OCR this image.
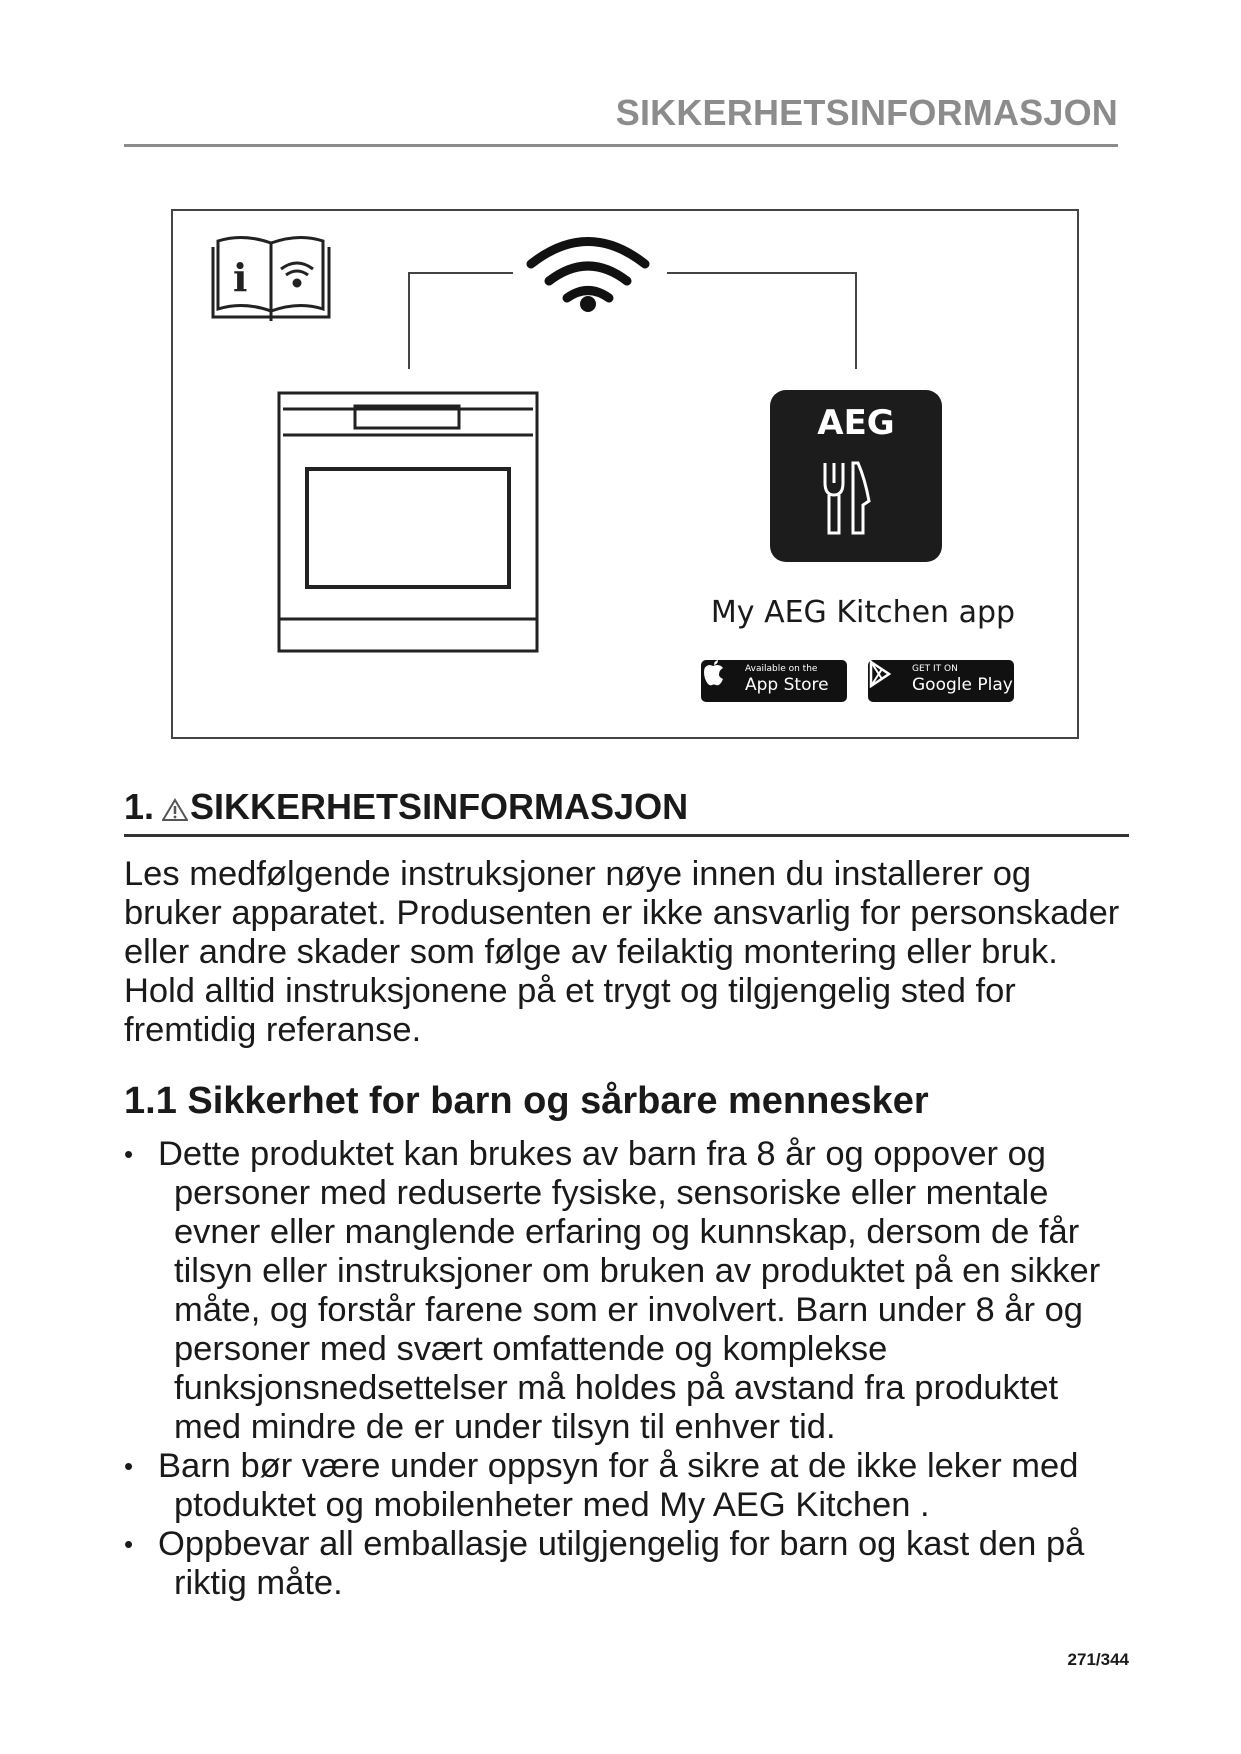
SIKKERHETSINFORMASJON
i
AEG
My AEG Kitchen app
Available on the
App Store
GET IT ON
Google Play
1. SIKKERHETSINFORMASJON

Les medfølgende instruksjoner nøye innen du installerer og bruker apparatet. Produsenten er ikke ansvarlig for personskader eller andre skader som følge av feilaktig montering eller bruk. Hold alltid instruksjonene på et trygt og tilgjengelig sted for fremtidig referanse.

1.1 Sikkerhet for barn og sårbare mennesker
• Dette produktet kan brukes av barn fra 8 år og oppover og personer med reduserte fysiske, sensoriske eller mentale evner eller manglende erfaring og kunnskap, dersom de får tilsyn eller instruksjoner om bruken av produktet på en sikker måte, og forstår farene som er involvert. Barn under 8 år og personer med svært omfattende og komplekse funksjonsnedsettelser må holdes på avstand fra produktet med mindre de er under tilsyn til enhver tid.
• Barn bør være under oppsyn for å sikre at de ikke leker med ptoduktet og mobilenheter med My AEG Kitchen .
• Oppbevar all emballasje utilgjengelig for barn og kast den på riktig måte.
271/344
